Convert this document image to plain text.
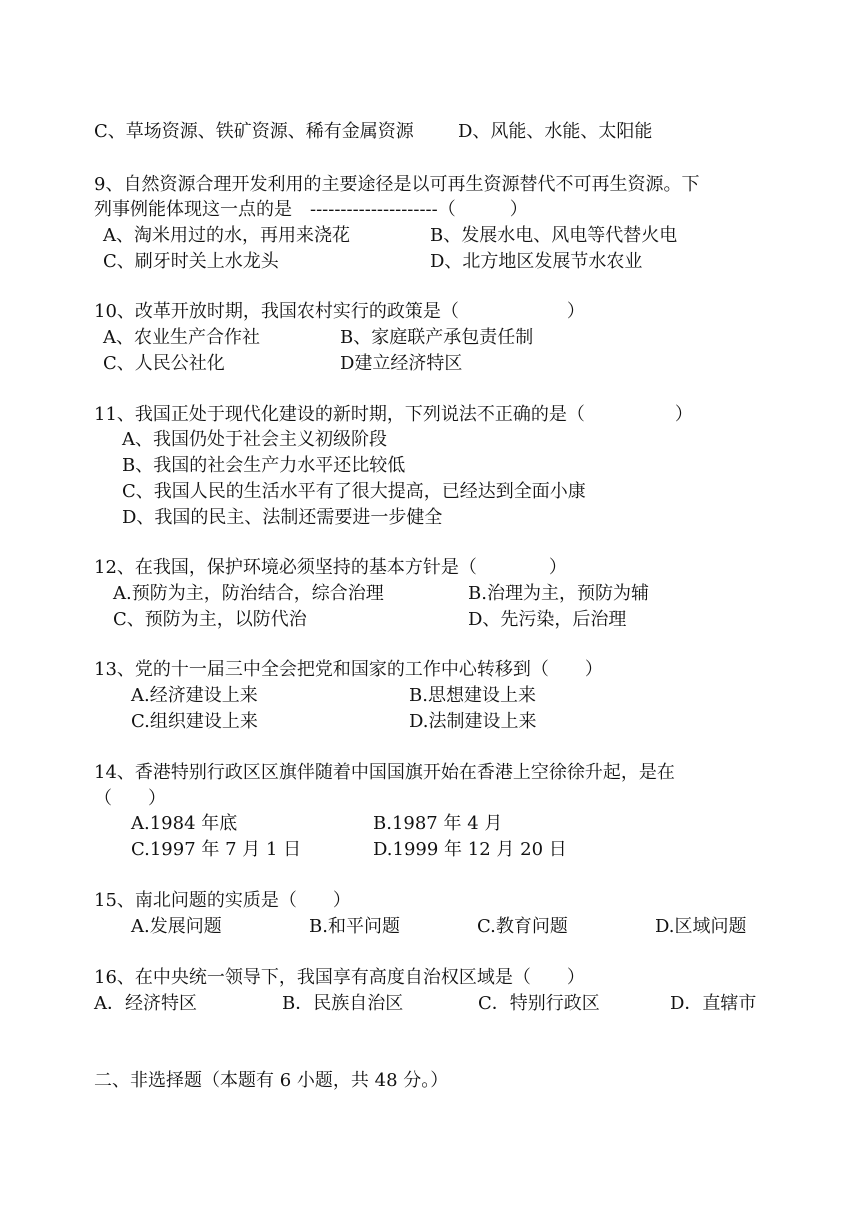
C、草场资源、铁矿资源、稀有金属资源

D、风能、水能、太阳能

9、自然资源合理开发利用的主要途径是以可再生资源替代不可再生资源。下
列事例能体现这一点的是　---------------------（　　　）

A、淘米用过的水，再用来浇花

	B、发展水电、风电等代替火电

C、刷牙时关上水龙头

	D、北方地区发展节水农业

10、改革开放时期，我国农村实行的政策是（　　　　　　）

A、农业生产合作社

	B、家庭联产承包责任制

C、人民公社化

	D建立经济特区

11、我国正处于现代化建设的新时期，下列说法不正确的是（　　　　　）
A、我国仍处于社会主义初级阶段
B、我国的社会生产力水平还比较低
C、我国人民的生活水平有了很大提高，已经达到全面小康
D、我国的民主、法制还需要进一步健全
12、在我国，保护环境必须坚持的基本方针是（　　　　）

A.预防为主，防治结合，综合治理

	B.治理为主，预防为辅

C、预防为主，以防代治

	D、先污染，后治理

13、党的十一届三中全会把党和国家的工作中心转移到（　　）

A.经济建设上来

	B.思想建设上来

C.组织建设上来

	D.法制建设上来

14、香港特别行政区区旗伴随着中国国旗开始在香港上空徐徐升起，是在
（　　）

A.1984 年底

	B.1987 年 4 月

C.1997 年 7 月 1 日

	D.1999 年 12 月 20 日

15、南北问题的实质是（　　）

A.发展问题

	B.和平问题

	C.教育问题

	D.区域问题

16、在中央统一领导下，我国享有高度自治权区域是（　　）

A．经济特区

	B．民族自治区

	C．特别行政区

	D．直辖市

二、非选择题（本题有 6 小题，共 48 分。）
